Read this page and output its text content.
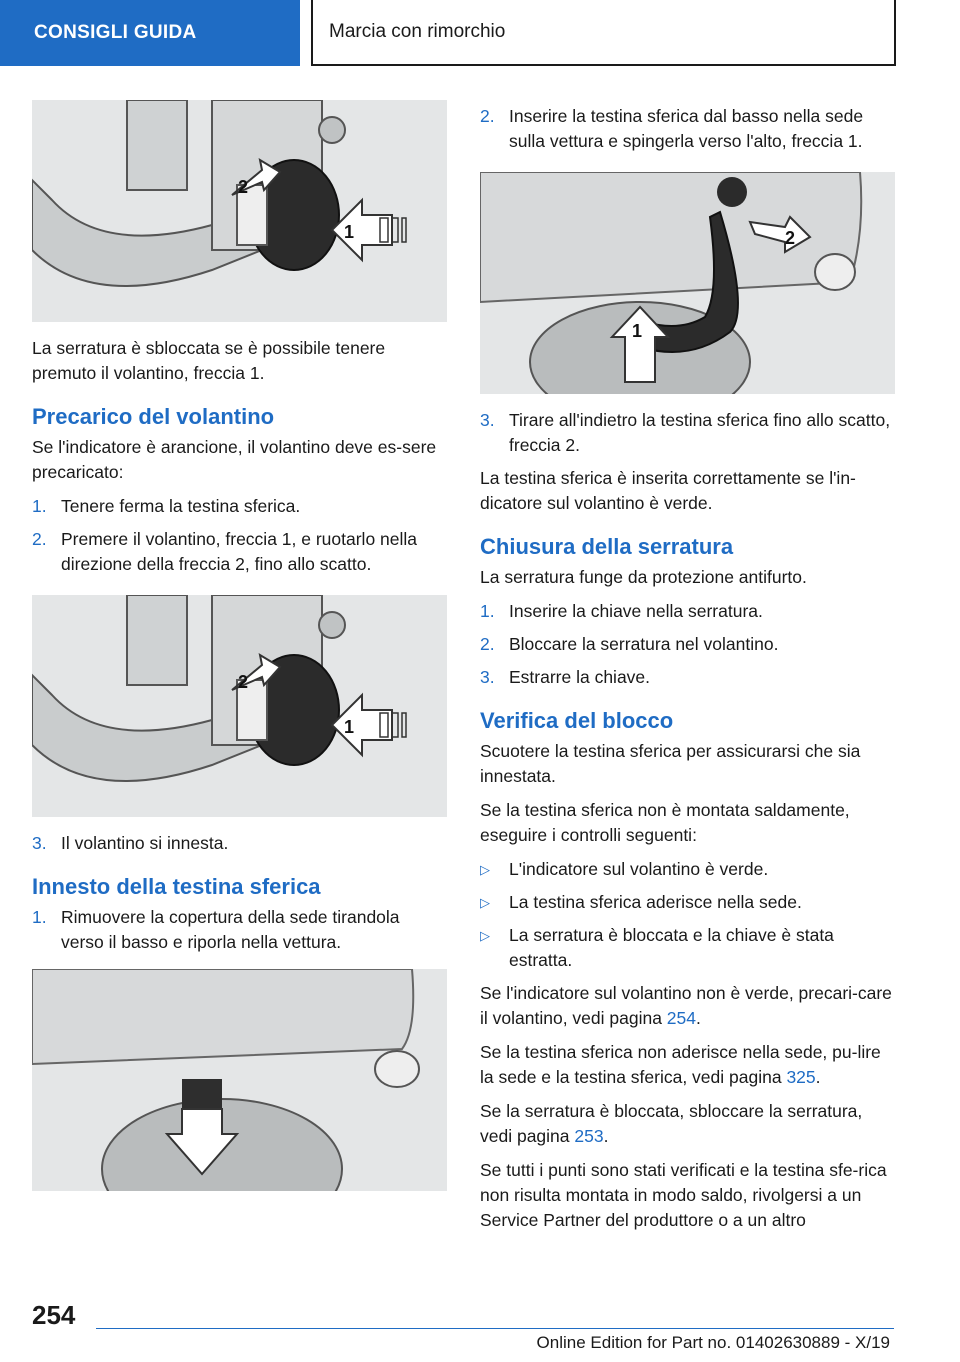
CONSIGLI GUIDA	Marcia con rimorchio
1
2

La serratura è sbloccata se è possibile tenere premuto il volantino, freccia 1.

Precarico del volantino

Se l'indicatore è arancione, il volantino deve es-sere precaricato:

1. Tenere ferma la testina sferica.
2. Premere il volantino, freccia 1, e ruotarlo nella direzione della freccia 2, fino allo scatto.
1
2
3. Il volantino si innesta.
Innesto della testina sferica
1. Rimuovere la copertura della sede tirandola verso il basso e riporla nella vettura.
2. Inserire la testina sferica dal basso nella sede sulla vettura e spingerla verso l'alto, freccia 1.
1
2
3. Tirare all'indietro la testina sferica fino allo scatto, freccia 2.

La testina sferica è inserita correttamente se l'in-dicatore sul volantino è verde.

Chiusura della serratura

La serratura funge da protezione antifurto.

1. Inserire la chiave nella serratura.
2. Bloccare la serratura nel volantino.
3. Estrarre la chiave.
Verifica del blocco

Scuotere la testina sferica per assicurarsi che sia innestata.

Se la testina sferica non è montata saldamente, eseguire i controlli seguenti:

▷	L'indicatore sul volantino è verde.
▷	La testina sferica aderisce nella sede.
▷	La serratura è bloccata e la chiave è stata estratta.

Se l'indicatore sul volantino non è verde, precari-care il volantino, vedi pagina 254.

Se la testina sferica non aderisce nella sede, pu-lire la sede e la testina sferica, vedi pagina 325.

Se la serratura è bloccata, sbloccare la serratura, vedi pagina 253.

Se tutti i punti sono stati verificati e la testina sfe-rica non risulta montata in modo saldo, rivolgersi a un Service Partner del produttore o a un altro

254
Online Edition for Part no. 01402630889 - X/19
